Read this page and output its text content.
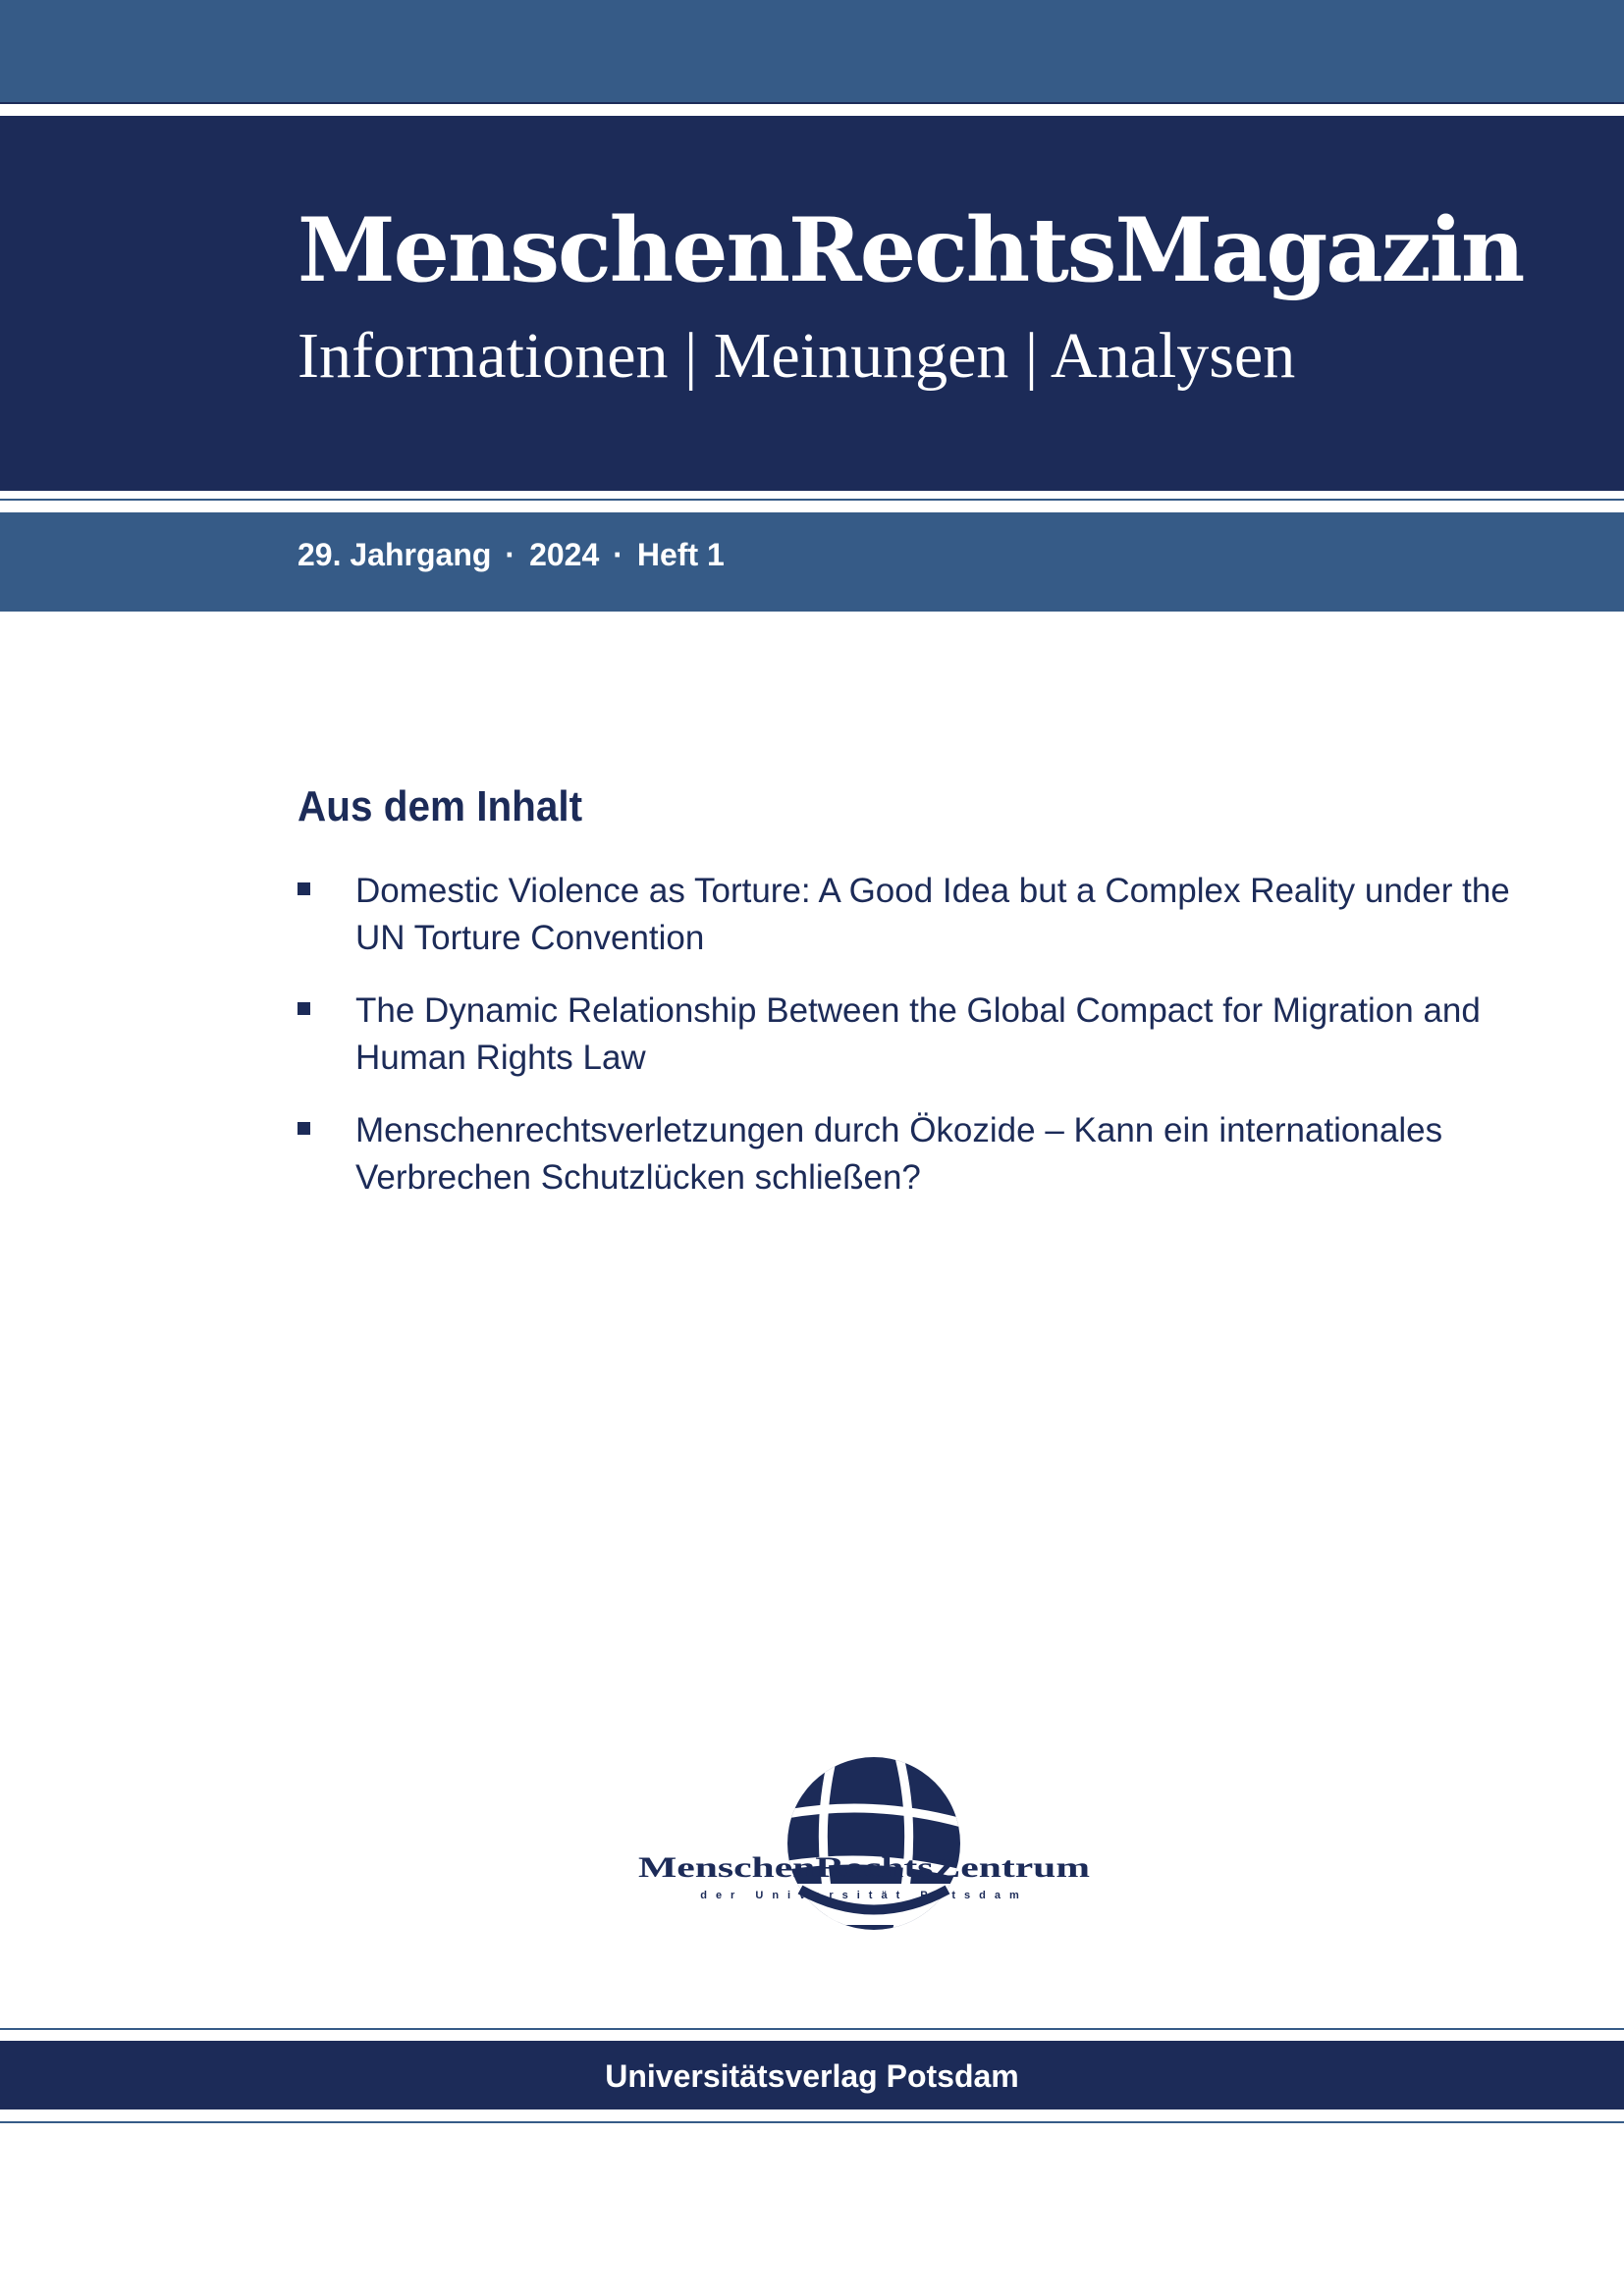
MenschenRechtsMagazin

Informationen | Meinungen | Analysen

29. Jahrgang · 2024 · Heft 1

Aus dem Inhalt
Domestic Violence as Torture: A Good Idea but a Complex Reality under the UN Torture Convention
The Dynamic Relationship Between the Global Compact for Migration and Human Rights Law
Menschenrechtsverletzungen durch Ökozide – Kann ein internationales Verbrechen Schutzlücken schließen?
MenschenRechtsZentrum
der Universität Potsdam

Universitätsverlag Potsdam
